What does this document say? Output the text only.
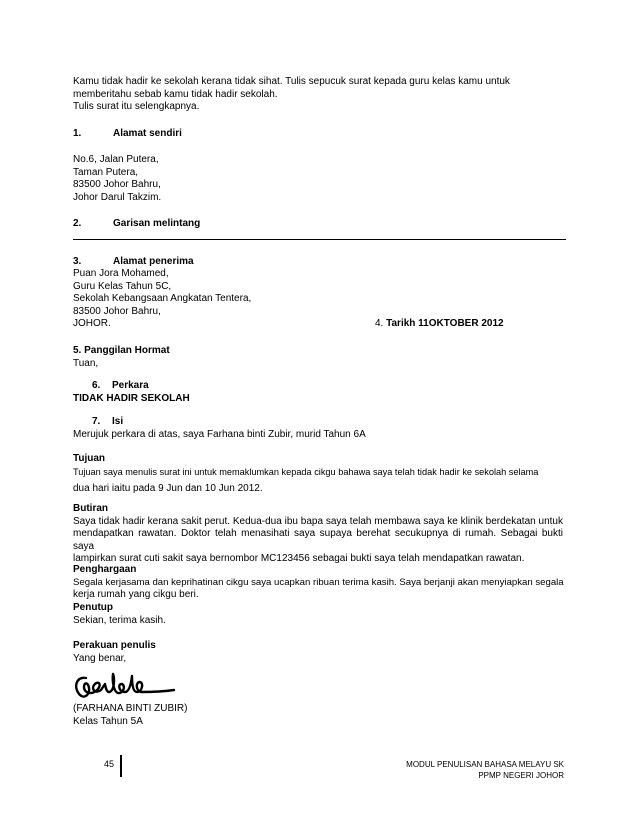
Kamu tidak hadir ke sekolah kerana tidak sihat. Tulis sepucuk surat kepada guru kelas kamu untuk
memberitahu sebab kamu tidak hadir sekolah.
Tulis surat itu selengkapnya.
1.	Alamat sendiri
No.6, Jalan Putera,
Taman Putera,
83500 Johor Bahru,
Johor Darul Takzim.
2.	Garisan melintang
3.	Alamat penerima
Puan Jora Mohamed,
Guru Kelas Tahun 5C,
Sekolah Kebangsaan Angkatan Tentera,
83500 Johor Bahru,
JOHOR.	4. Tarikh 11OKTOBER 2012
5. Panggilan Hormat
Tuan,
6. Perkara
TIDAK HADIR SEKOLAH
7. Isi
Merujuk perkara di atas, saya Farhana binti Zubir, murid Tahun 6A
Tujuan
Tujuan saya menulis surat ini untuk memaklumkan kepada cikgu bahawa saya telah tidak hadir ke sekolah selama
dua hari iaitu pada 9 Jun dan 10 Jun 2012.
Butiran
Saya tidak hadir kerana sakit perut. Kedua-dua ibu bapa saya telah membawa saya ke klinik berdekatan untuk
mendapatkan rawatan. Doktor telah menasihati saya supaya berehat secukupnya di rumah. Sebagai bukti saya
lampirkan surat cuti sakit saya bernombor MC123456 sebagai bukti saya telah mendapatkan rawatan.
Penghargaan
Segala kerjasama dan keprihatinan cikgu saya ucapkan ribuan terima kasih. Saya berjanji akan menyiapkan segala
kerja rumah yang cikgu beri.
Penutup
Sekian, terima kasih.
Perakuan penulis
Yang benar,
(FARHANA BINTI ZUBIR)
Kelas Tahun 5A
45	MODUL PENULISAN BAHASA MELAYU SK
PPMP NEGERI JOHOR
